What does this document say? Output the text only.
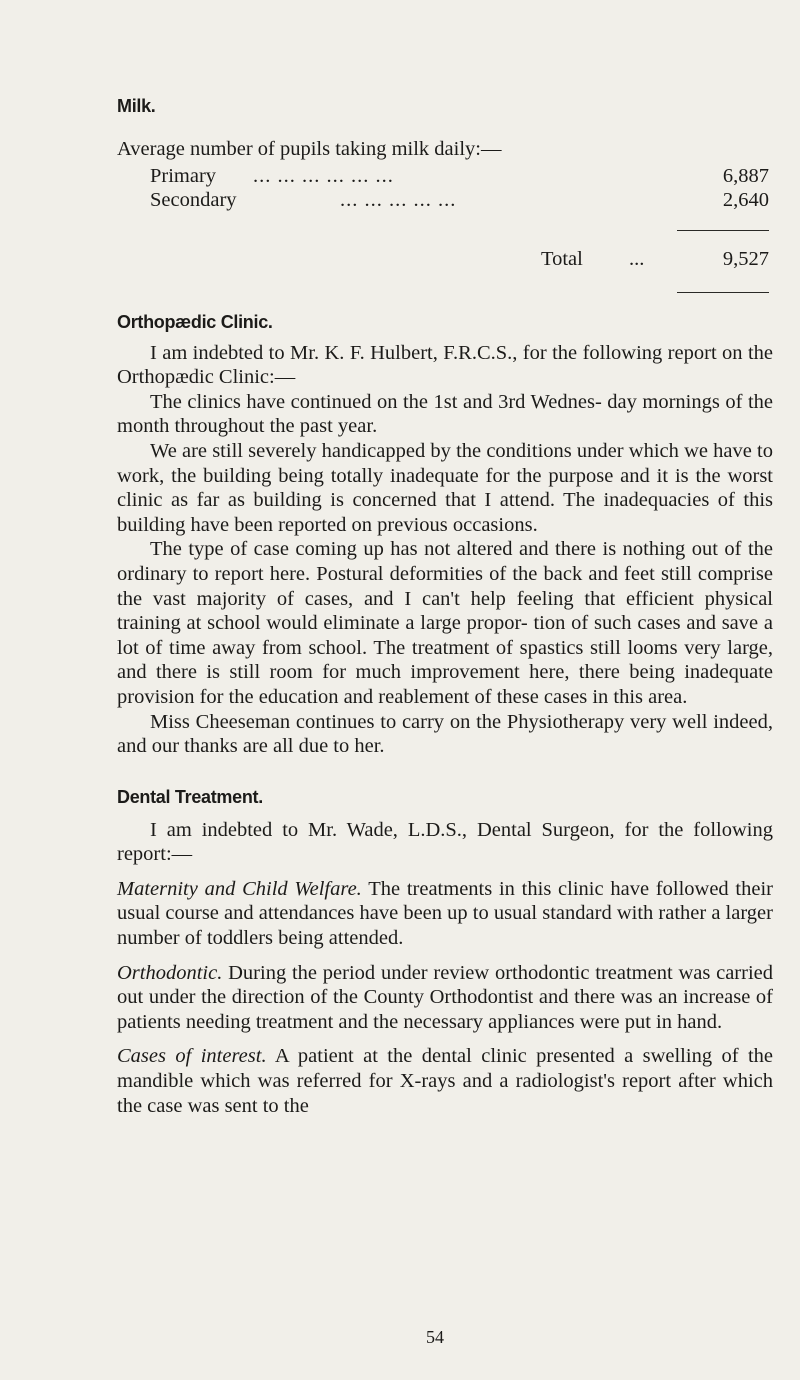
Milk.

Average number of pupils taking milk daily:—

Primary ... ... ... ... ... ...	6,887
Secondary	... ... ... ... ...	2,640
Total ...	9,527
Orthopædic Clinic.

I am indebted to Mr. K. F. Hulbert, F.R.C.S., for the following report on the Orthopædic Clinic:—

The clinics have continued on the 1st and 3rd Wednes- day mornings of the month throughout the past year.

We are still severely handicapped by the conditions under which we have to work, the building being totally inadequate for the purpose and it is the worst clinic as far as building is concerned that I attend. The inadequacies of this building have been reported on previous occasions.

The type of case coming up has not altered and there is nothing out of the ordinary to report here. Postural deformities of the back and feet still comprise the vast majority of cases, and I can't help feeling that efficient physical training at school would eliminate a large propor- tion of such cases and save a lot of time away from school. The treatment of spastics still looms very large, and there is still room for much improvement here, there being inadequate provision for the education and reablement of these cases in this area.

Miss Cheeseman continues to carry on the Physiotherapy very well indeed, and our thanks are all due to her.

Dental Treatment.

I am indebted to Mr. Wade, L.D.S., Dental Surgeon, for the following report:—

Maternity and Child Welfare. The treatments in this clinic have followed their usual course and attendances have been up to usual standard with rather a larger number of toddlers being attended.

Orthodontic. During the period under review orthodontic treatment was carried out under the direction of the County Orthodontist and there was an increase of patients needing treatment and the necessary appliances were put in hand.

Cases of interest. A patient at the dental clinic presented a swelling of the mandible which was referred for X-rays and a radiologist's report after which the case was sent to the

54
